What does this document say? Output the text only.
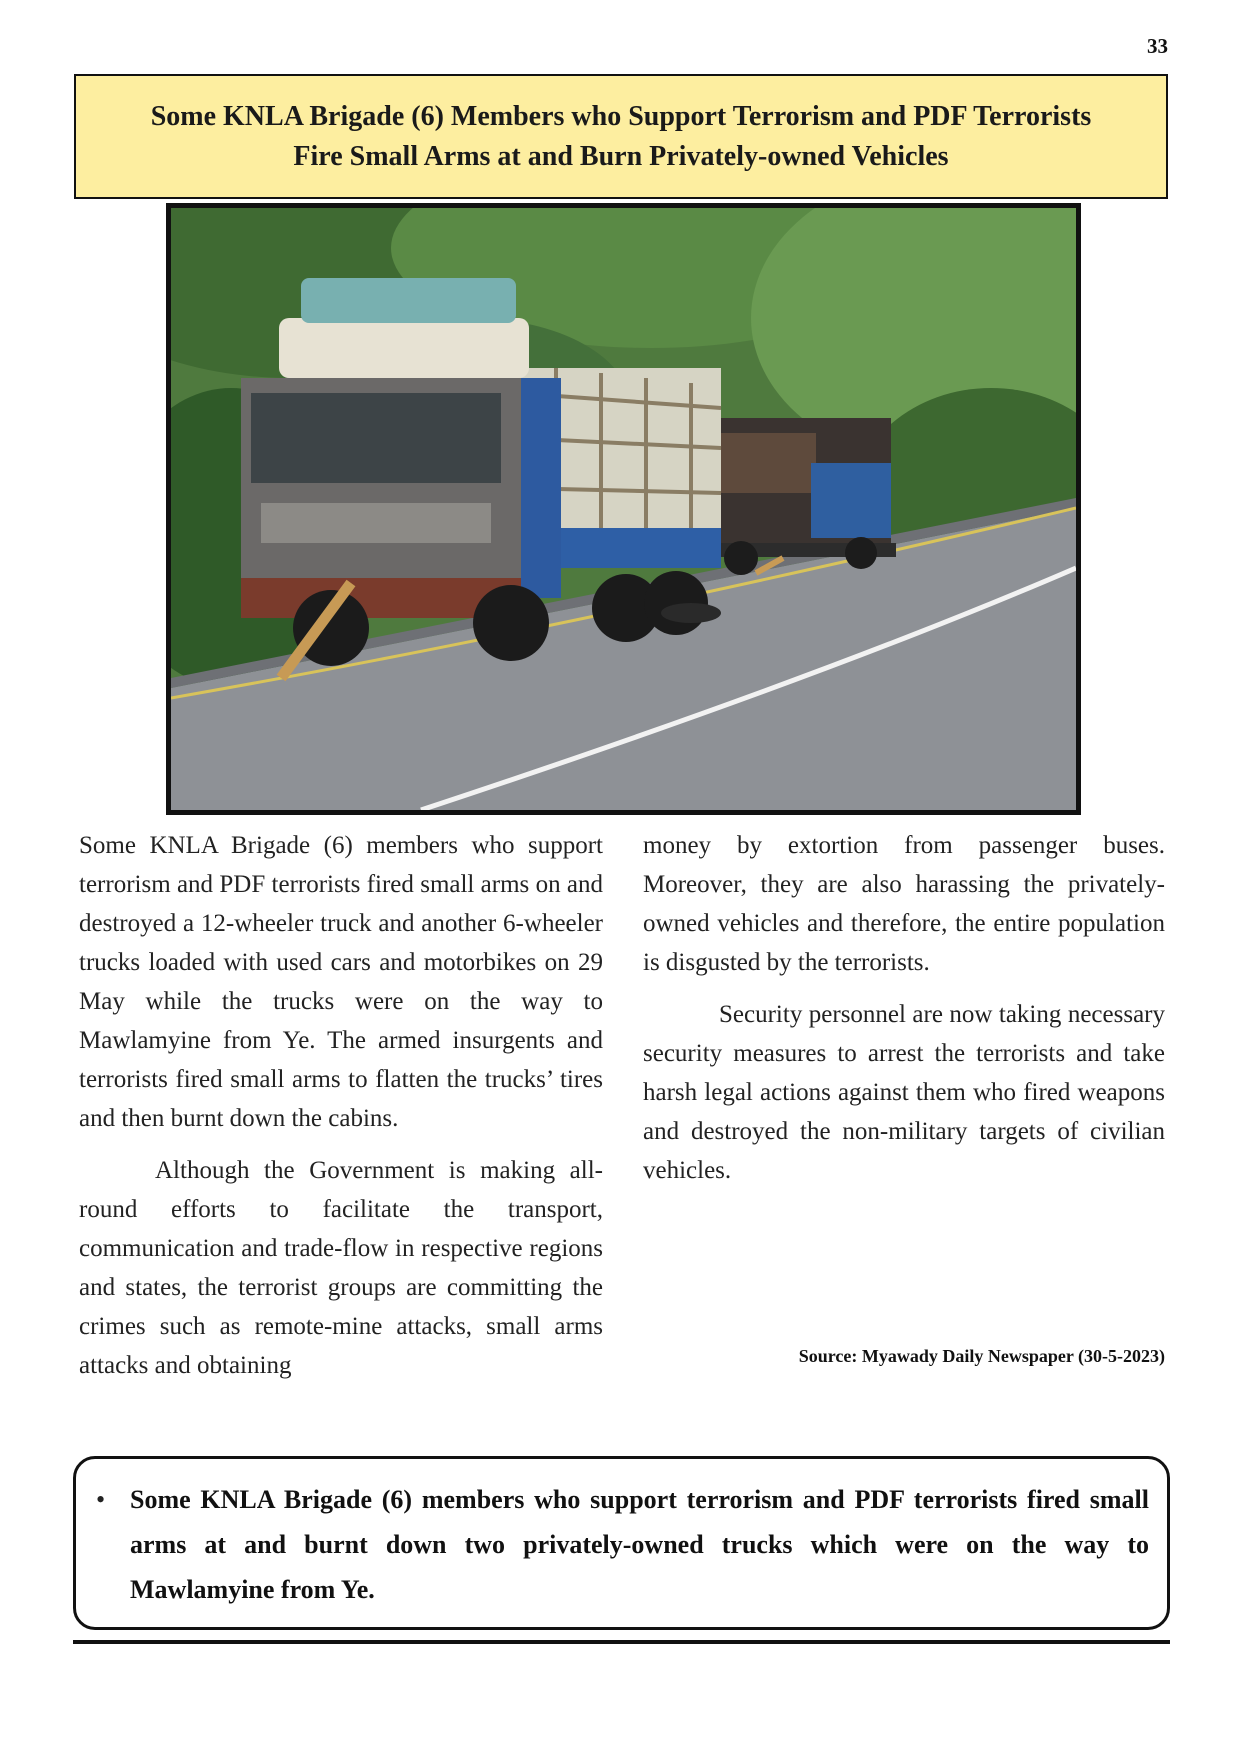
33
Some KNLA Brigade (6) Members who Support Terrorism and PDF Terrorists
Fire Small Arms at and Burn Privately-owned Vehicles

Some KNLA Brigade (6) members who support terrorism and PDF terrorists fired small arms on and destroyed a 12-wheeler truck and another 6-wheeler trucks loaded with used cars and motorbikes on 29 May while the trucks were on the way to Mawlamyine from Ye. The armed insurgents and terrorists fired small arms to flatten the trucks’ tires and then burnt down the cabins.

Although the Government is making all-round efforts to facilitate the transport, communication and trade-flow in respective regions and states, the terrorist groups are committing the crimes such as remote-mine attacks, small arms attacks and obtaining

money by extortion from passenger buses. Moreover, they are also harassing the privately-owned vehicles and therefore, the entire population is disgusted by the terrorists.

Security personnel are now taking necessary security measures to arrest the terrorists and take harsh legal actions against them who fired weapons and destroyed the non-military targets of civilian vehicles.

Source: Myawady Daily Newspaper (30-5-2023)
• Some KNLA Brigade (6) members who support terrorism and PDF terrorists fired small arms at and burnt down two privately-owned trucks which were on the way to Mawlamyine from Ye.
